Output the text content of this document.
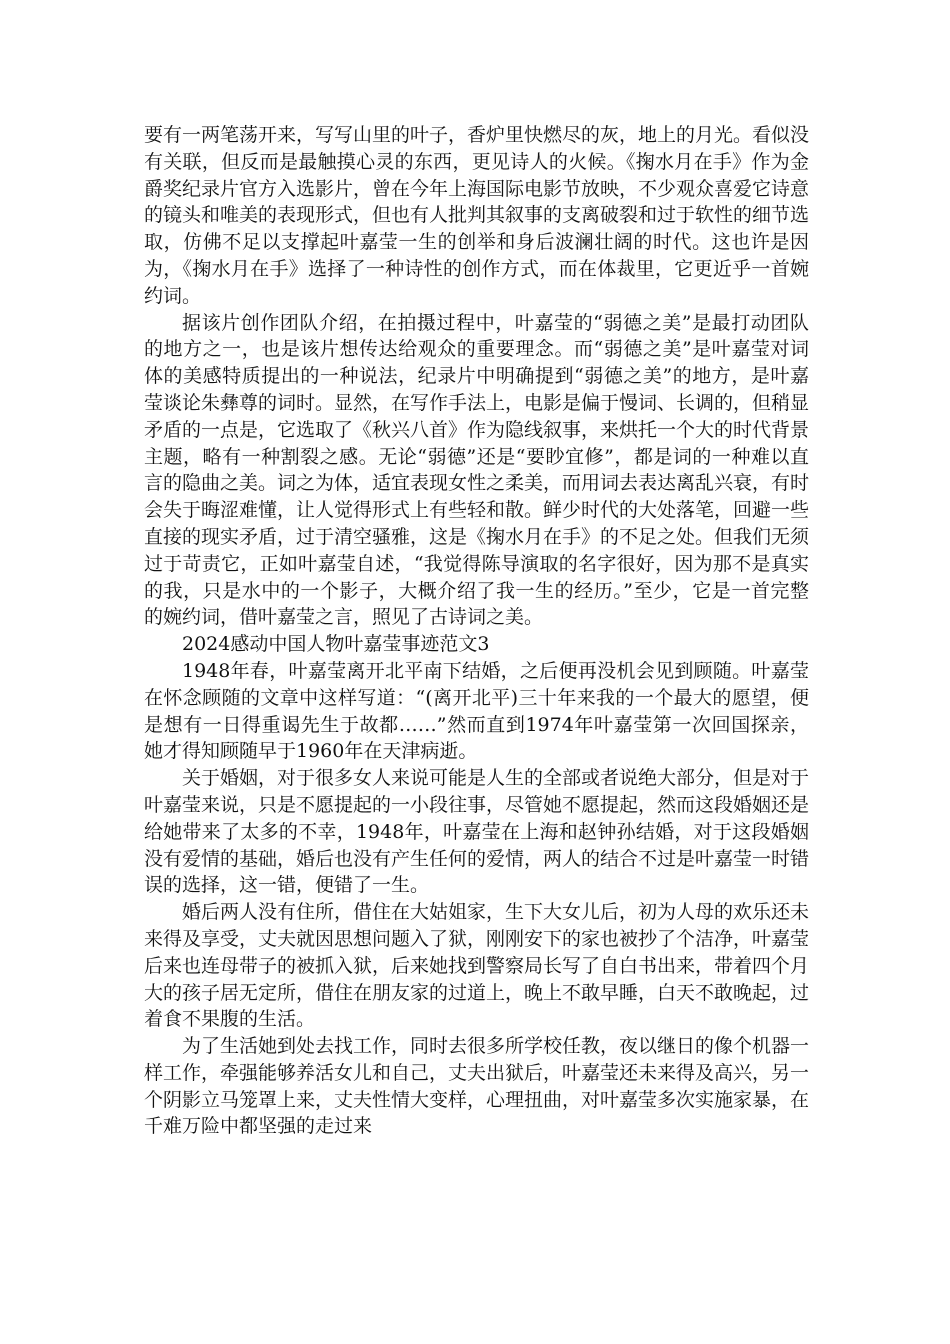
要有一两笔荡开来，写写山里的叶子，香炉里快燃尽的灰，地上的月光。看似没有关联，但反而是最触摸心灵的东西，更见诗人的火候。《掬水月在手》作为金爵奖纪录片官方入选影片，曾在今年上海国际电影节放映，不少观众喜爱它诗意的镜头和唯美的表现形式，但也有人批判其叙事的支离破裂和过于软性的细节选取，仿佛不足以支撑起叶嘉莹一生的创举和身后波澜壮阔的时代。这也许是因为，《掬水月在手》选择了一种诗性的创作方式，而在体裁里，它更近乎一首婉约词。

据该片创作团队介绍，在拍摄过程中，叶嘉莹的“弱德之美”是最打动团队的地方之一，也是该片想传达给观众的重要理念。而“弱德之美”是叶嘉莹对词体的美感特质提出的一种说法，纪录片中明确提到“弱德之美”的地方，是叶嘉莹谈论朱彝尊的词时。显然，在写作手法上，电影是偏于慢词、长调的，但稍显矛盾的一点是，它选取了《秋兴八首》作为隐线叙事，来烘托一个大的时代背景主题，略有一种割裂之感。无论“弱德”还是“要眇宜修”，都是词的一种难以直言的隐曲之美。词之为体，适宜表现女性之柔美，而用词去表达离乱兴衰，有时会失于晦涩难懂，让人觉得形式上有些轻和散。鲜少时代的大处落笔，回避一些直接的现实矛盾，过于清空骚雅，这是《掬水月在手》的不足之处。但我们无须过于苛责它，正如叶嘉莹自述，“我觉得陈导演取的名字很好，因为那不是真实的我，只是水中的一个影子，大概介绍了我一生的经历。”至少，它是一首完整的婉约词，借叶嘉莹之言，照见了古诗词之美。

2024感动中国人物叶嘉莹事迹范文3

1948年春，叶嘉莹离开北平南下结婚，之后便再没机会见到顾随。叶嘉莹在怀念顾随的文章中这样写道：“(离开北平)三十年来我的一个最大的愿望，便是想有一日得重谒先生于故都……”然而直到1974年叶嘉莹第一次回国探亲，她才得知顾随早于1960年在天津病逝。

关于婚姻，对于很多女人来说可能是人生的全部或者说绝大部分，但是对于叶嘉莹来说，只是不愿提起的一小段往事，尽管她不愿提起，然而这段婚姻还是给她带来了太多的不幸，1948年，叶嘉莹在上海和赵钟孙结婚，对于这段婚姻没有爱情的基础，婚后也没有产生任何的爱情，两人的结合不过是叶嘉莹一时错误的选择，这一错，便错了一生。

婚后两人没有住所，借住在大姑姐家，生下大女儿后，初为人母的欢乐还未来得及享受，丈夫就因思想问题入了狱，刚刚安下的家也被抄了个洁净，叶嘉莹后来也连母带子的被抓入狱，后来她找到警察局长写了自白书出来，带着四个月大的孩子居无定所，借住在朋友家的过道上，晚上不敢早睡，白天不敢晚起，过着食不果腹的生活。

为了生活她到处去找工作，同时去很多所学校任教，夜以继日的像个机器一样工作，牵强能够养活女儿和自己，丈夫出狱后，叶嘉莹还未来得及高兴，另一个阴影立马笼罩上来，丈夫性情大变样，心理扭曲，对叶嘉莹多次实施家暴，在千难万险中都坚强的走过来
